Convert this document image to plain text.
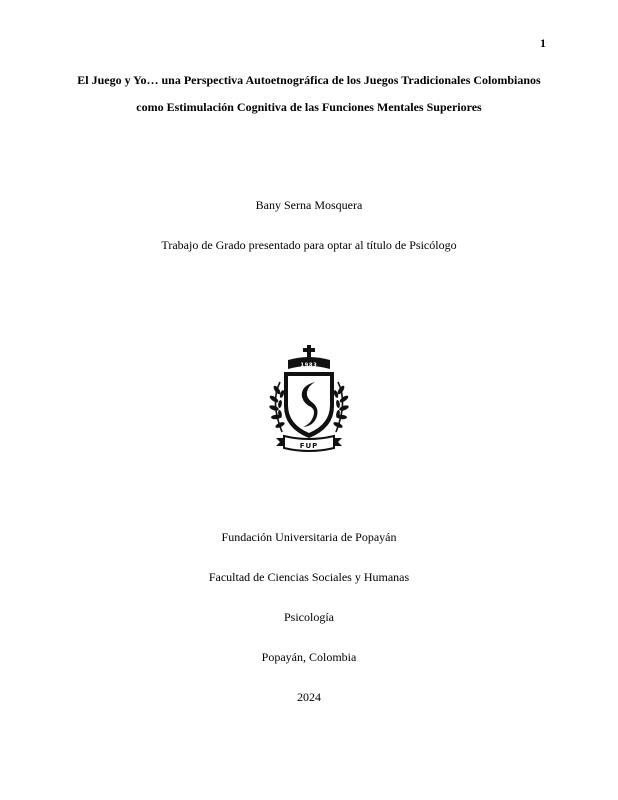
1
El Juego y Yo… una Perspectiva Autoetnográfica de los Juegos Tradicionales Colombianos
como Estimulación Cognitiva de las Funciones Mentales Superiores
Bany Serna Mosquera
Trabajo de Grado presentado para optar al título de Psicólogo
1983
FUP
Fundación Universitaria de Popayán
Facultad de Ciencias Sociales y Humanas
Psicología
Popayán, Colombia
2024
